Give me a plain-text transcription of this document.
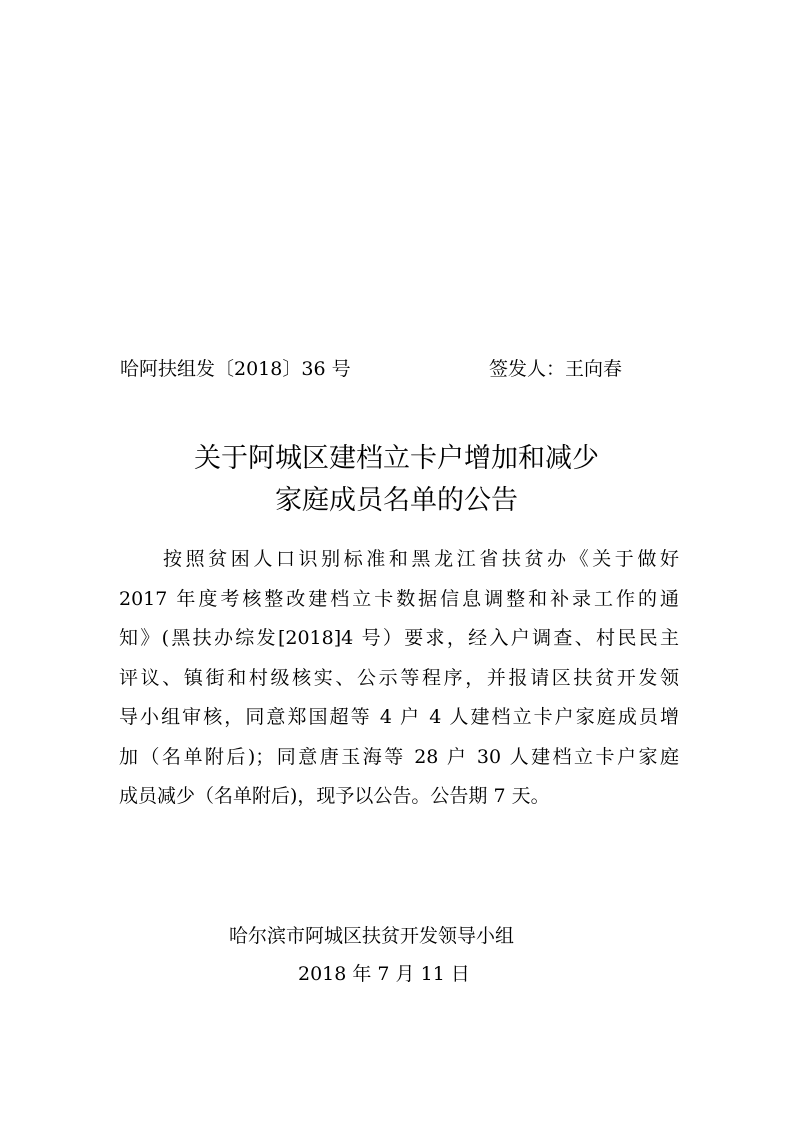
哈阿扶组发〔2018〕36 号	签发人：王向春
关于阿城区建档立卡户增加和减少
家庭成员名单的公告
按照贫困人口识别标准和黑龙江省扶贫办《关于做好
2017 年度考核整改建档立卡数据信息调整和补录工作的通
知》(黑扶办综发[2018]4 号）要求，经入户调查、村民民主
评议、镇街和村级核实、公示等程序，并报请区扶贫开发领
导小组审核，同意郑国超等 4 户 4 人建档立卡户家庭成员增
加（名单附后)；同意唐玉海等 28 户 30 人建档立卡户家庭
成员减少（名单附后)，现予以公告。公告期 7 天。
哈尔滨市阿城区扶贫开发领导小组
2018 年 7 月 11 日
